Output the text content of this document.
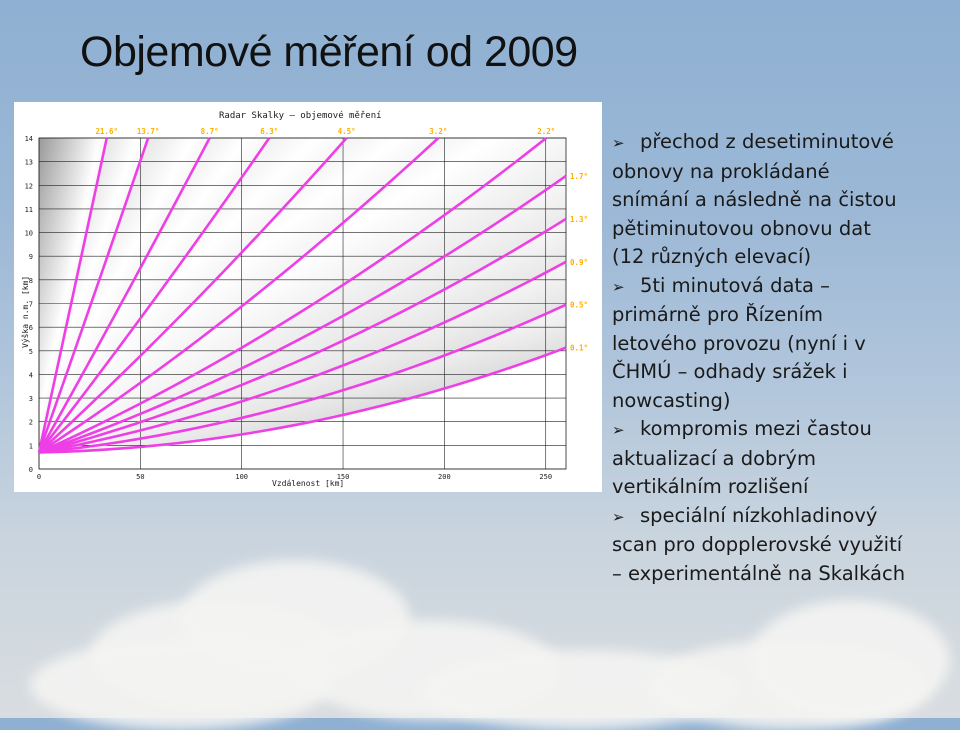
Objemové měření od 2009
Radar Skalky – objemové měření
0
1
2
3
4
5
6
7
8
9
10
11
12
13
14
0	50	100	150	200	250
21.6°	13.7°	8.7°	6.3°	4.5°	3.2°	2.2°
1.7°
1.3°
0.9°
0.5°
0.1°
Vzdálenost [km]
Výška n.m. [km]
➢ přechod z desetiminutové
obnovy na prokládané
snímání a následně na čistou
pětiminutovou obnovu dat
(12 různých elevací)
➢ 5ti minutová data –
primárně pro Řízením
letového provozu (nyní i v
ČHMÚ – odhady srážek i
nowcasting)
➢ kompromis mezi častou
aktualizací a dobrým
vertikálním rozlišení
➢ speciální nízkohladinový
scan pro dopplerovské využití
– experimentálně na Skalkách
